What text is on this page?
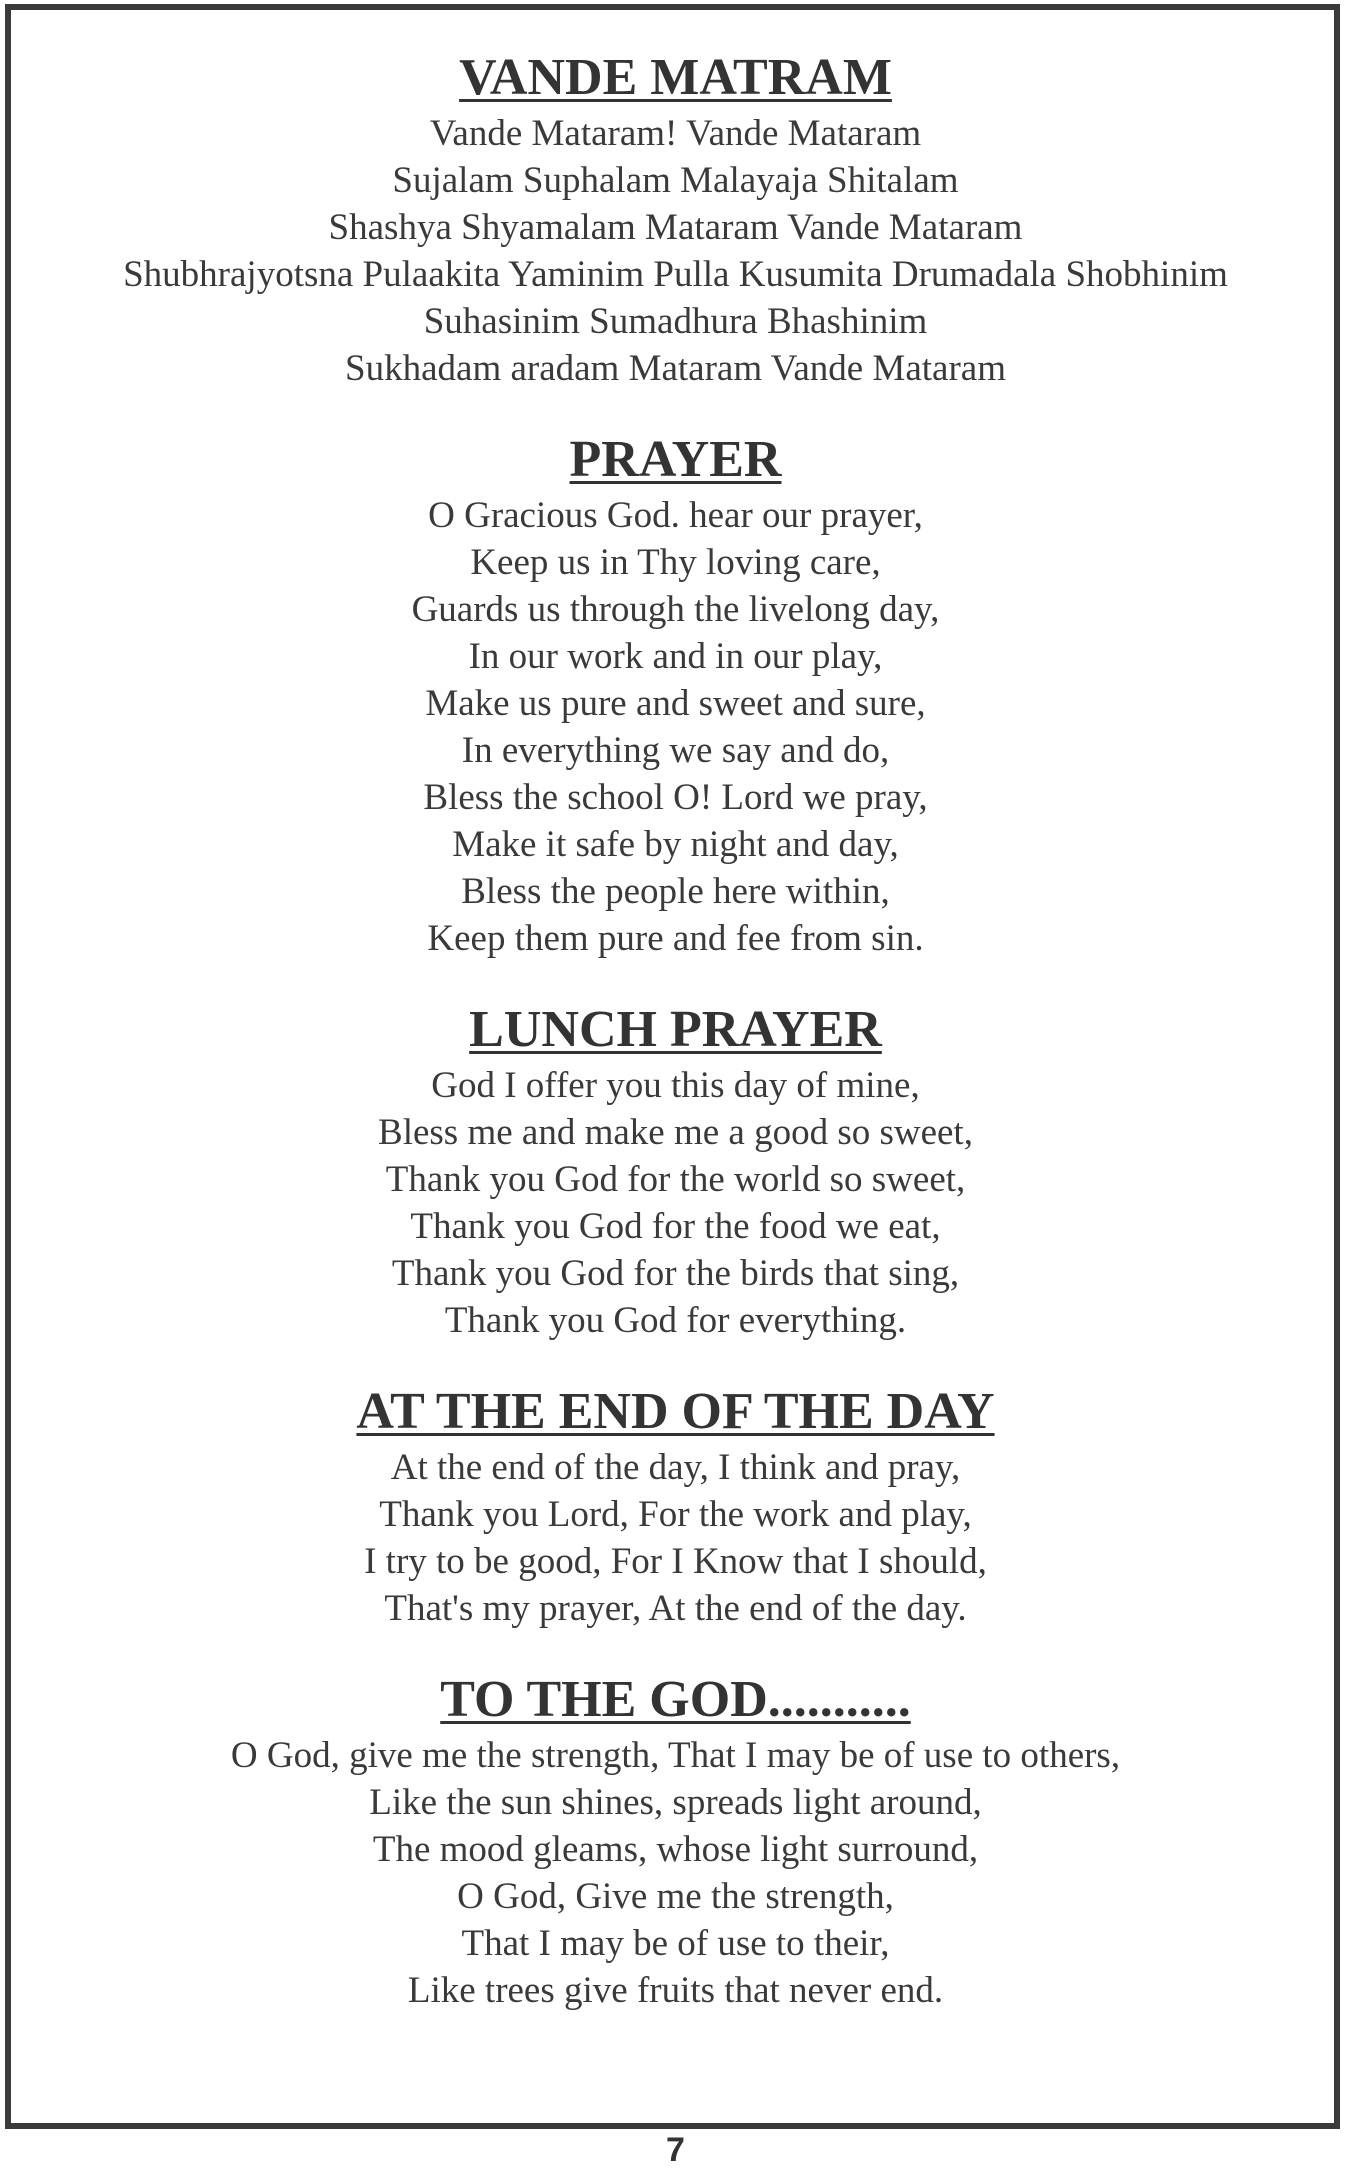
VANDE MATRAM
Vande Mataram! Vande Mataram
Sujalam Suphalam Malayaja Shitalam
Shashya Shyamalam Mataram Vande Mataram
Shubhrajyotsna Pulaakita Yaminim Pulla Kusumita Drumadala Shobhinim
Suhasinim Sumadhura Bhashinim
Sukhadam aradam Mataram Vande Mataram
PRAYER
O Gracious God. hear our prayer,
Keep us in Thy loving care,
Guards us through the livelong day,
In our work and in our play,
Make us pure and sweet and sure,
In everything we say and do,
Bless the school O! Lord we pray,
Make it safe by night and day,
Bless the people here within,
Keep them pure and fee from sin.
LUNCH PRAYER
God I offer you this day of mine,
Bless me and make me a good so sweet,
Thank you God for the world so sweet,
Thank you God for the food we eat,
Thank you God for the birds that sing,
Thank you God for everything.
AT THE END OF THE DAY
At the end of the day, I think and pray,
Thank you Lord, For the work and play,
I try to be good, For I Know that I should,
That's my prayer, At the end of the day.
TO THE GOD...........
O God, give me the strength, That I may be of use to others,
Like the sun shines, spreads light around,
The mood gleams, whose light surround,
O God, Give me the strength,
That I may be of use to their,
Like trees give fruits that never end.
7
